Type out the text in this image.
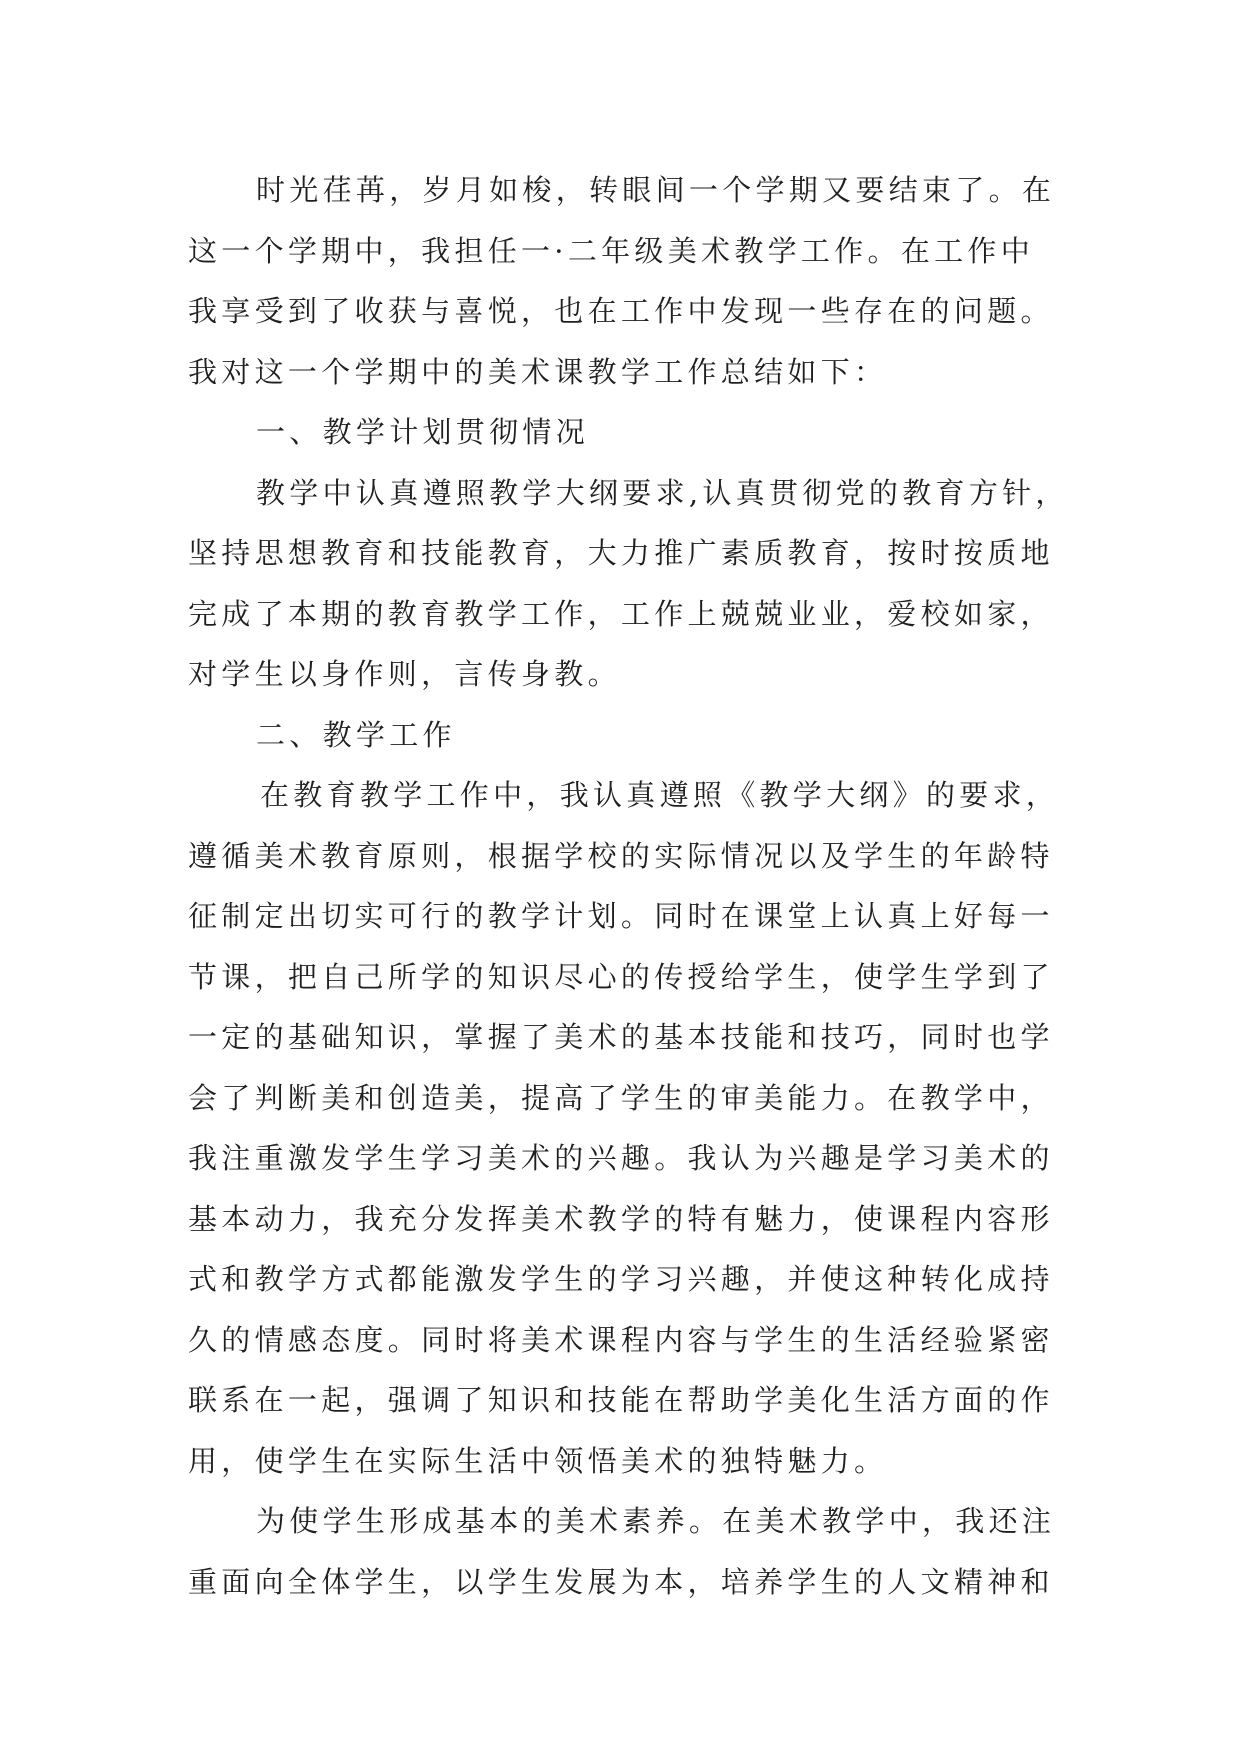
时光荏苒，岁月如梭，转眼间一个学期又要结束了。在
这一个学期中，我担任一·二年级美术教学工作。在工作中
我享受到了收获与喜悦，也在工作中发现一些存在的问题。
我对这一个学期中的美术课教学工作总结如下：
一、教学计划贯彻情况
教学中认真遵照教学大纲要求,认真贯彻党的教育方针，
坚持思想教育和技能教育，大力推广素质教育，按时按质地
完成了本期的教育教学工作，工作上兢兢业业，爱校如家，
对学生以身作则，言传身教。
二、教学工作
在教育教学工作中，我认真遵照《教学大纲》的要求，
遵循美术教育原则，根据学校的实际情况以及学生的年龄特
征制定出切实可行的教学计划。同时在课堂上认真上好每一
节课，把自己所学的知识尽心的传授给学生，使学生学到了
一定的基础知识，掌握了美术的基本技能和技巧，同时也学
会了判断美和创造美，提高了学生的审美能力。在教学中，
我注重激发学生学习美术的兴趣。我认为兴趣是学习美术的
基本动力，我充分发挥美术教学的特有魅力，使课程内容形
式和教学方式都能激发学生的学习兴趣，并使这种转化成持
久的情感态度。同时将美术课程内容与学生的生活经验紧密
联系在一起，强调了知识和技能在帮助学美化生活方面的作
用，使学生在实际生活中领悟美术的独特魅力。
为使学生形成基本的美术素养。在美术教学中，我还注
重面向全体学生，以学生发展为本，培养学生的人文精神和
